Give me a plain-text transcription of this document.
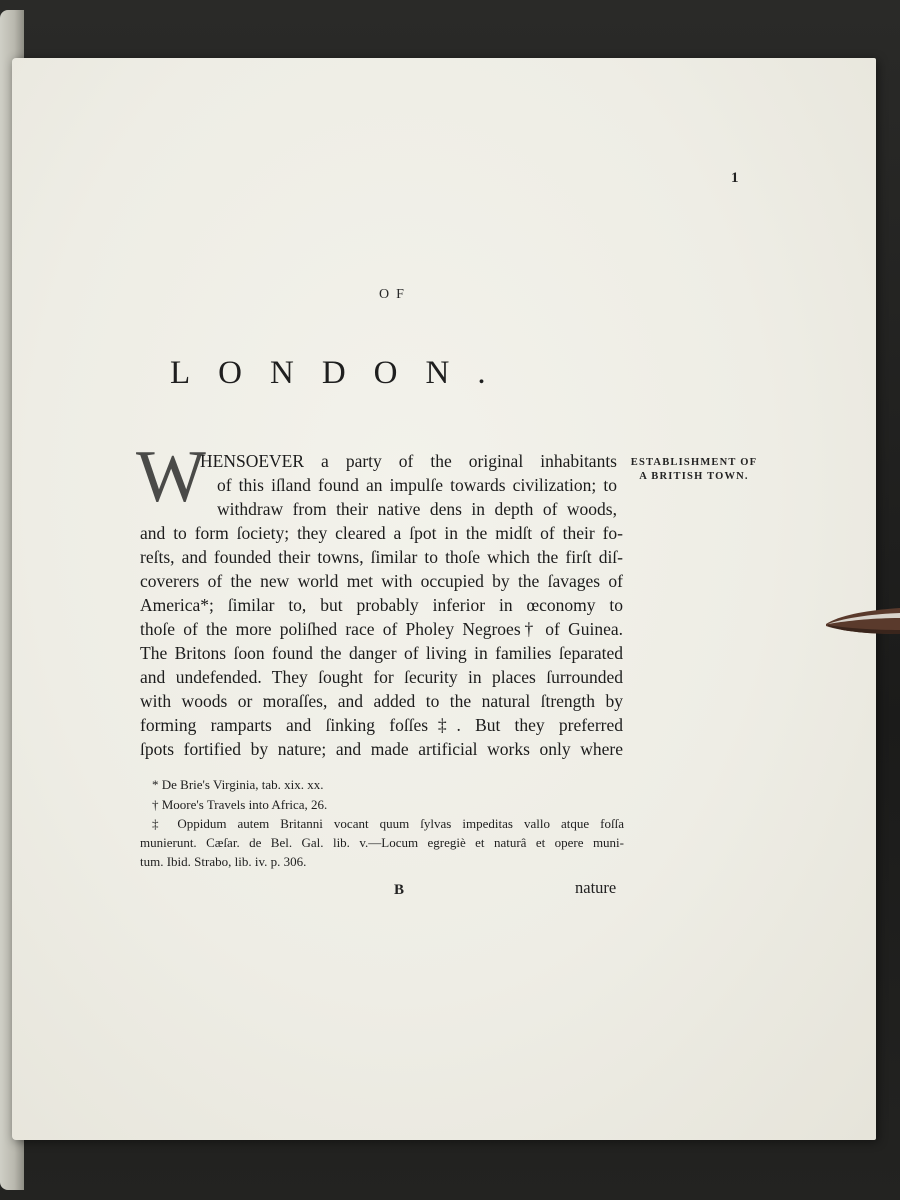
1
OF
LONDON.
W	ESTABLISHMENT OF A BRITISH TOWN.
HENSOEVER a party of the original inhabitants
of this iſland found an impulſe towards civilization; to
withdraw from their native dens in depth of woods,
and to form ſociety; they cleared a ſpot in the midſt of their fo-
reſts, and founded their towns, ſimilar to thoſe which the firſt diſ-
coverers of the new world met with occupied by the ſavages of
America*; ſimilar to, but probably inferior in œconomy to
thoſe of the more poliſhed race of Pholey Negroes† of Guinea.
The Britons ſoon found the danger of living in families ſeparated
and undefended. They ſought for ſecurity in places ſurrounded
with woods or moraſſes, and added to the natural ſtrength by
forming ramparts and ſinking foſſes‡. But they preferred
ſpots fortified by nature; and made artificial works only where
* De Brie's Virginia, tab. xix. xx.
† Moore's Travels into Africa, 26.
‡ Oppidum autem Britanni vocant quum ſylvas impeditas vallo atque foſſa
munierunt. Cæſar. de Bel. Gal. lib. v.—Locum egregiè et naturâ et opere muni-
tum. Ibid. Strabo, lib. iv. p. 306.
B	nature
